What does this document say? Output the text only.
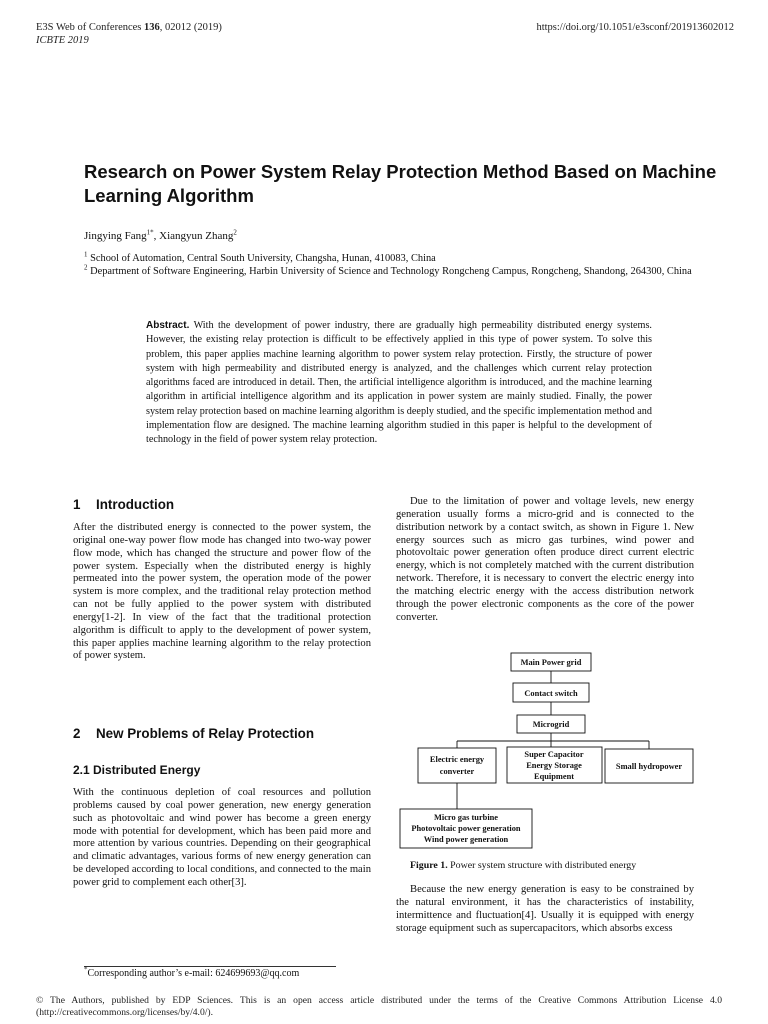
E3S Web of Conferences 136, 02012 (2019)	https://doi.org/10.1051/e3sconf/201913602012
ICBTE 2019
Research on Power System Relay Protection Method Based on Machine Learning Algorithm
Jingying Fang$^{1*}$, Xiangyun Zhang$^2$
$^1$ School of Automation, Central South University, Changsha, Hunan, 410083, China
$^2$ Department of Software Engineering, Harbin University of Science and Technology Rongcheng Campus, Rongcheng, Shandong, 264300, China
Abstract. With the development of power industry, there are gradually high permeability distributed energy systems. However, the existing relay protection is difficult to be effectively applied in this type of power system. To solve this problem, this paper applies machine learning algorithm to power system relay protection. Firstly, the structure of power system with high permeability and distributed energy is analyzed, and the challenges which current relay protection algorithms faced are introduced in detail. Then, the artificial intelligence algorithm is introduced, and the machine learning algorithm in artificial intelligence algorithm and its application in power system are mainly studied. Finally, the power system relay protection based on machine learning algorithm is deeply studied, and the specific implementation method and implementation flow are designed. The machine learning algorithm studied in this paper is helpful to the development of technology in the field of power system relay protection.
1 Introduction
After the distributed energy is connected to the power system, the original one-way power flow mode has changed into two-way power flow mode, which has changed the structure and power flow of the power system. Especially when the distributed energy is highly permeated into the power system, the operation mode of the power system is more complex, and the traditional relay protection method can not be fully applied to the power system with distributed energy[1-2]. In view of the fact that the traditional protection algorithm is difficult to apply to the development of power system, this paper applies machine learning algorithm to the relay protection of power system.
2 New Problems of Relay Protection
2.1 Distributed Energy
With the continuous depletion of coal resources and pollution problems caused by coal power generation, new energy generation such as photovoltaic and wind power has become a green energy mode with potential for development, which has been paid more and more attention by various countries. Depending on their geographical and climatic advantages, various forms of new energy generation can be developed according to local conditions, and connected to the main power grid to complement each other[3].
Due to the limitation of power and voltage levels, new energy generation usually forms a micro-grid and is connected to the distribution network by a contact switch, as shown in Figure 1. New energy sources such as micro gas turbines, wind power and photovoltaic power generation often produce direct current electric energy, which is not completely matched with the current distribution network. Therefore, it is necessary to convert the electric energy into the matching electric energy with the access distribution network through the power electronic components as the core of the power converter.
Main Power grid
Contact switch
Microgrid
Electric energy
converter
Super Capacitor
Energy Storage
Equipment
Small hydropower
Micro gas turbine
Photovoltaic power generation
Wind power generation
Figure 1. Power system structure with distributed energy
Because the new energy generation is easy to be constrained by the natural environment, it has the characteristics of instability, intermittence and fluctuation[4]. Usually it is equipped with energy storage equipment such as supercapacitors, which absorbs excess
*Corresponding author’s e-mail: 624699693@qq.com
© The Authors, published by EDP Sciences. This is an open access article distributed under the terms of the Creative Commons Attribution License 4.0 (http://creativecommons.org/licenses/by/4.0/).
